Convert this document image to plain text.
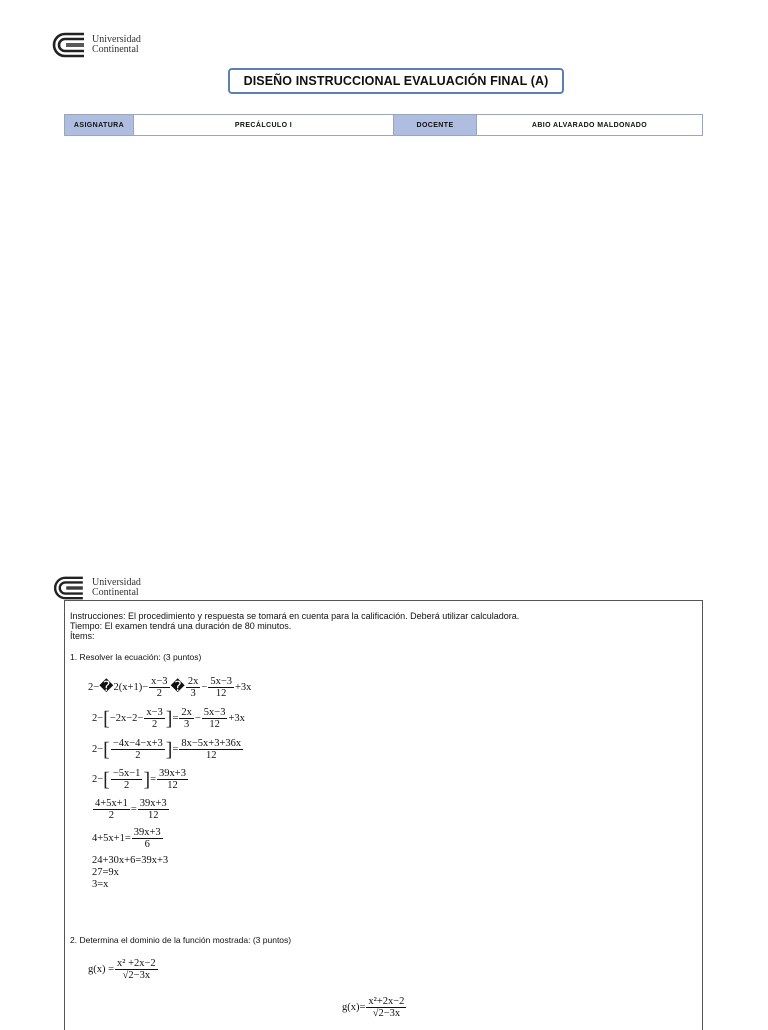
Universidad
Continental
DISEÑO INSTRUCCIONAL EVALUACIÓN FINAL (A)
ASIGNATURA	PRECÁLCULO I	DOCENTE	ABIO ALVARADO MALDONADO
Universidad
Continental
Instrucciones: El procedimiento y respuesta se tomará en cuenta para la calificación. Deberá utilizar calculadora.
Tiempo: El examen tendrá una duración de 80 minutos.
Ítems:
1. Resolver la ecuación: (3 puntos)
2−�2(x+1)− $\frac{x-3}{2}$ � $\frac{2x}{3} - \frac{5x-3}{12} +3x$
$2-[-2x-2- \frac{x-3}{2}$ ]= $\frac{2x}{3} - \frac{5x-3}{12} +3x$
$2-[ \frac{-4x-4-x+3}{2}$ ]= $\frac{8x-5x+3+36x}{12}$
$2-[ \frac{-5x-1}{2}$ ]= $\frac{39x+3}{12}$
$\frac{4+5x+1}{2} = \frac{39x+3}{12}$
$4+5x+1= \frac{39x+3}{6}$
24+30x+6=39x+3
27=9x
3=x
2. Determina el dominio de la función mostrada: (3 puntos)
$g(x) = \frac{\text{x² +2x−2}}{√2-3x}$
$g(x)= \frac{\text{x²+2x−2}}{√2-3x}$
